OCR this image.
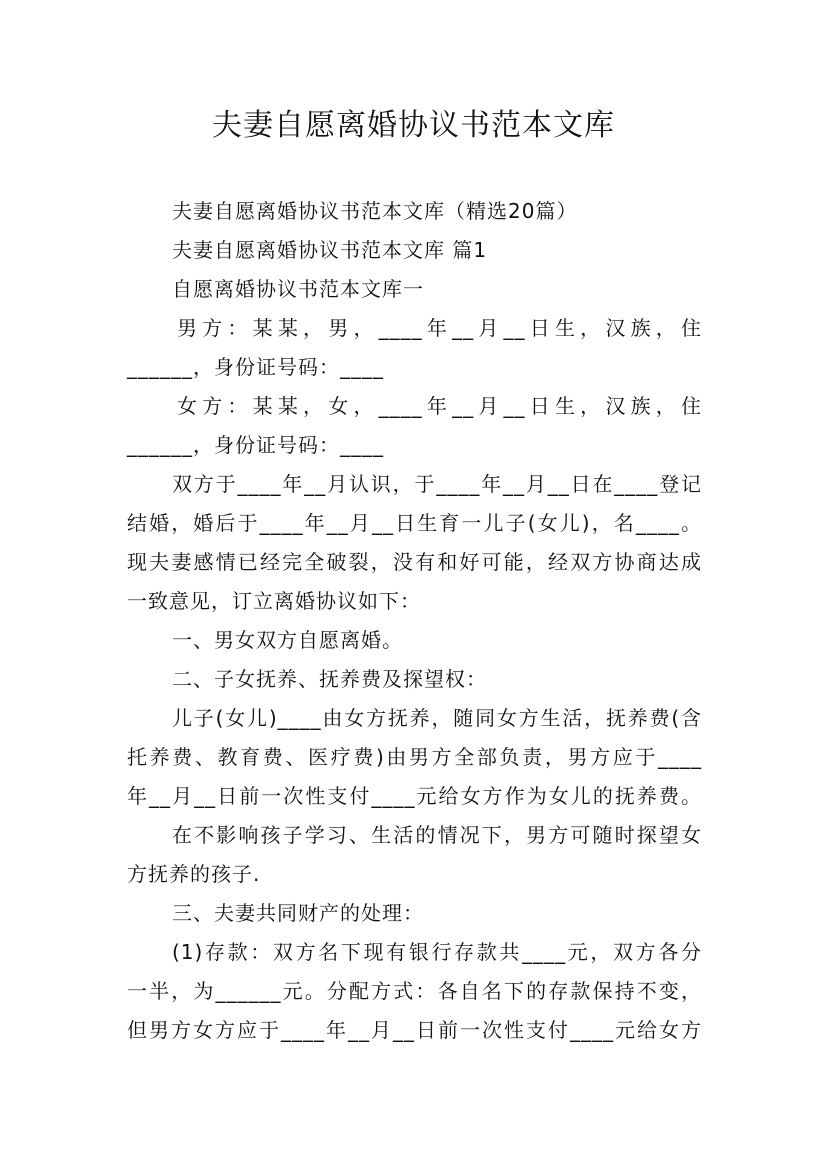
夫妻自愿离婚协议书范本文库
夫妻自愿离婚协议书范本文库（精选20篇）
夫妻自愿离婚协议书范本文库 篇1
自愿离婚协议书范本文库一
男方：某某，男，____年__月__日生，汉族，住
______，身份证号码：____
女方：某某，女，____年__月__日生，汉族，住
______，身份证号码：____
双方于____年__月认识，于____年__月__日在____登记
结婚，婚后于____年__月__日生育一儿子(女儿)，名____。
现夫妻感情已经完全破裂，没有和好可能，经双方协商达成
一致意见，订立离婚协议如下：
一、男女双方自愿离婚。
二、子女抚养、抚养费及探望权：
儿子(女儿)____由女方抚养，随同女方生活，抚养费(含
托养费、教育费、医疗费)由男方全部负责，男方应于____
年__月__日前一次性支付____元给女方作为女儿的抚养费。
在不影响孩子学习、生活的情况下，男方可随时探望女
方抚养的孩子.
三、夫妻共同财产的处理：
(1)存款：双方名下现有银行存款共____元，双方各分
一半，为______元。分配方式：各自名下的存款保持不变，
但男方女方应于____年__月__日前一次性支付____元给女方
